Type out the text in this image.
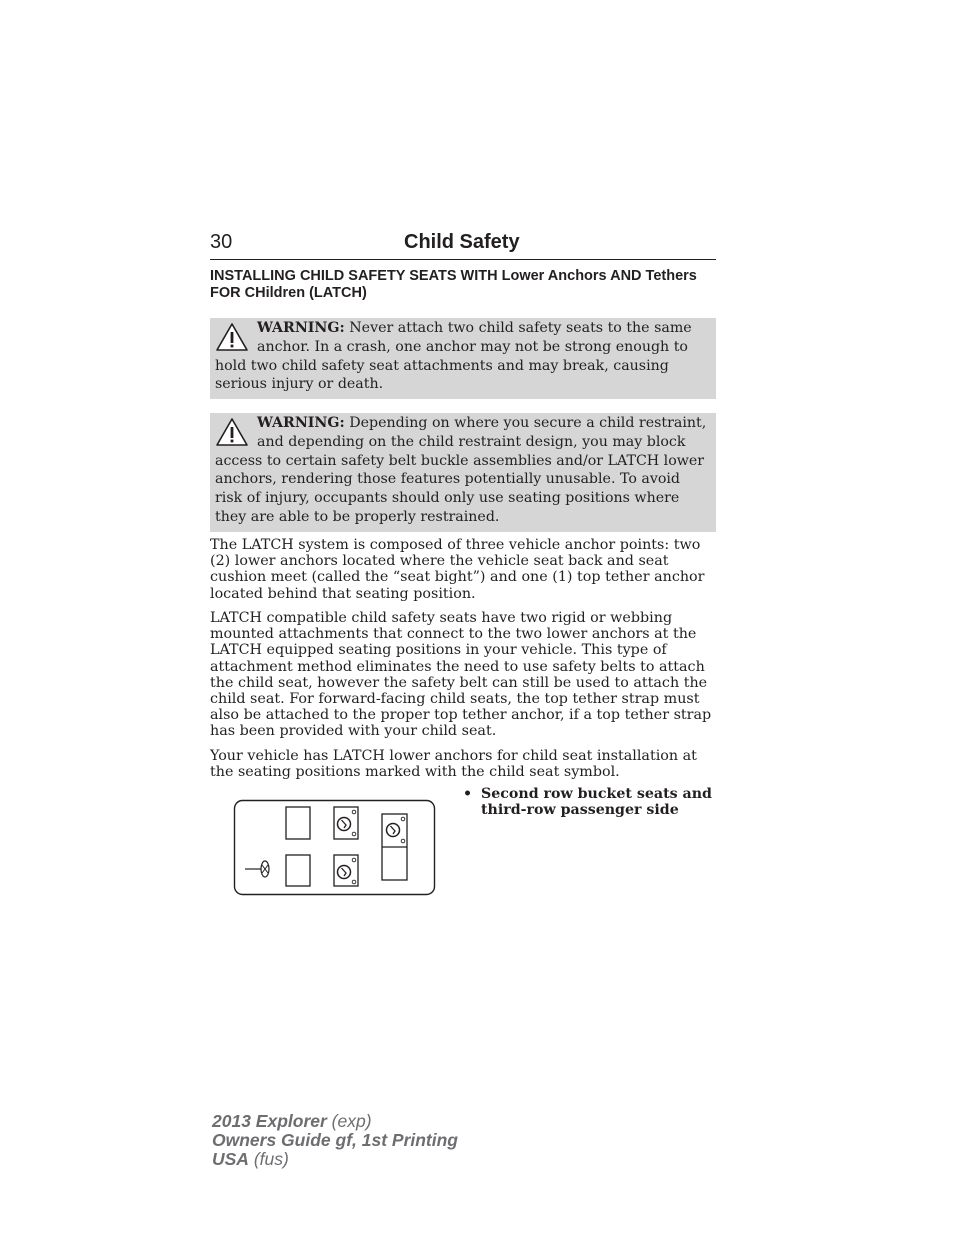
30	Child Safety
INSTALLING CHILD SAFETY SEATS WITH Lower Anchors AND Tethers FOR CHildren (LATCH)
WARNING: Never attach two child safety seats to the same anchor. In a crash, one anchor may not be strong enough to hold two child safety seat attachments and may break, causing serious injury or death.
WARNING: Depending on where you secure a child restraint, and depending on the child restraint design, you may block access to certain safety belt buckle assemblies and/or LATCH lower anchors, rendering those features potentially unusable. To avoid risk of injury, occupants should only use seating positions where they are able to be properly restrained.

The LATCH system is composed of three vehicle anchor points: two (2) lower anchors located where the vehicle seat back and seat cushion meet (called the “seat bight”) and one (1) top tether anchor located behind that seating position.

LATCH compatible child safety seats have two rigid or webbing mounted attachments that connect to the two lower anchors at the LATCH equipped seating positions in your vehicle. This type of attachment method eliminates the need to use safety belts to attach the child seat, however the safety belt can still be used to attach the child seat. For forward-facing child seats, the top tether strap must also be attached to the proper top tether anchor, if a top tether strap has been provided with your child seat.

Your vehicle has LATCH lower anchors for child seat installation at the seating positions marked with the child seat symbol.

• Second row bucket seats and third-row passenger side
2013 Explorer (exp)
Owners Guide gf, 1st Printing
USA (fus)
